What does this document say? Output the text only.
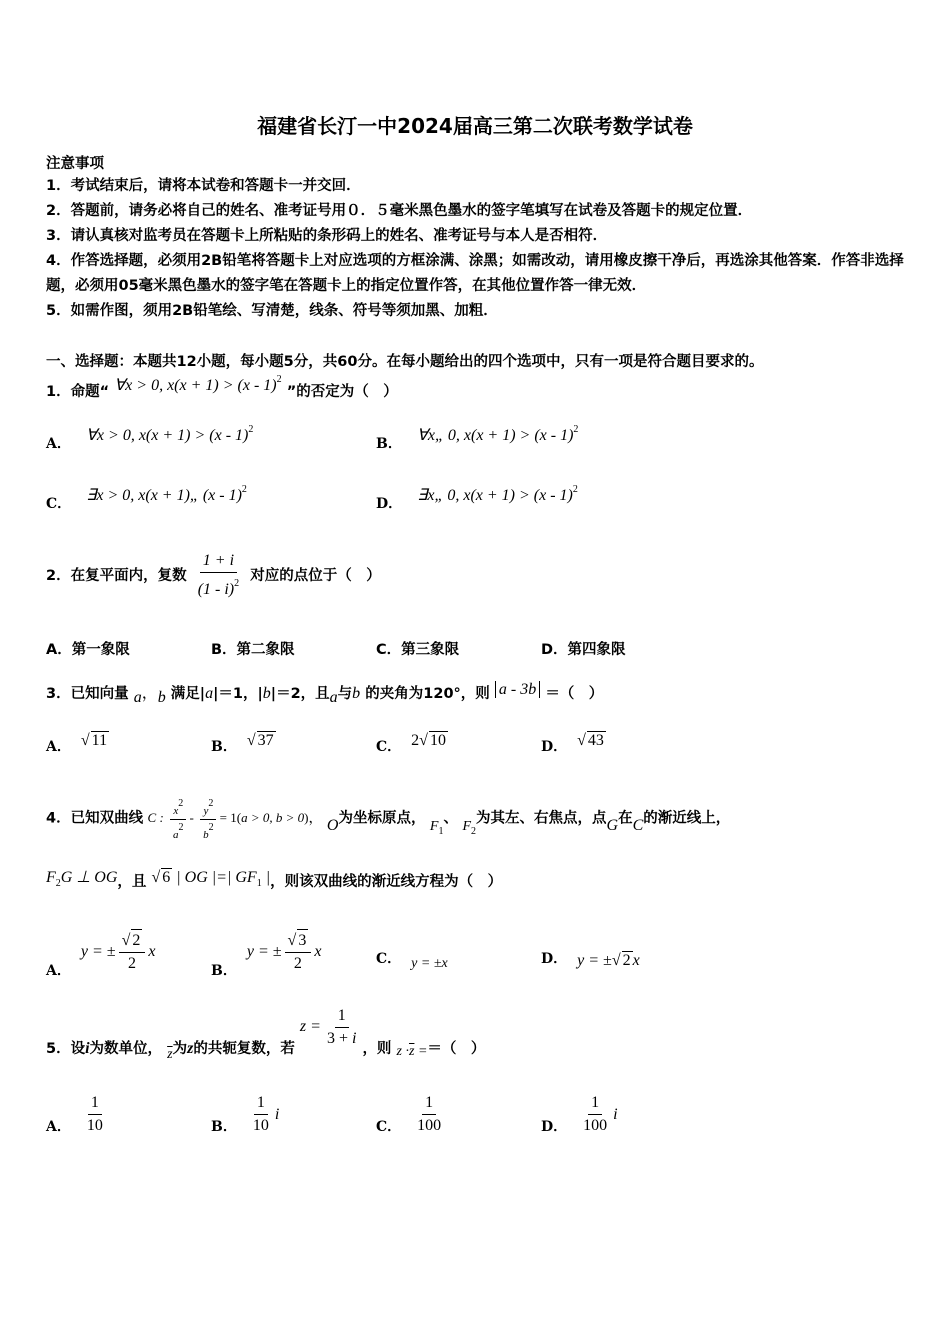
福建省长汀一中2024届高三第二次联考数学试卷
注意事项
1．考试结束后，请将本试卷和答题卡一并交回．
2．答题前，请务必将自己的姓名、准考证号用０．５毫米黑色墨水的签字笔填写在试卷及答题卡的规定位置．
3．请认真核对监考员在答题卡上所粘贴的条形码上的姓名、准考证号与本人是否相符．
4．作答选择题，必须用2B铅笔将答题卡上对应选项的方框涂满、涂黑；如需改动，请用橡皮擦干净后，再选涂其他答案．作答非选择题，必须用05毫米黑色墨水的签字笔在答题卡上的指定位置作答，在其他位置作答一律无效．
5．如需作图，须用2B铅笔绘、写清楚，线条、符号等须加黑、加粗．
一、选择题：本题共12小题，每小题5分，共60分。在每小题给出的四个选项中，只有一项是符合题目要求的。
1．命题“ ∀x > 0, x(x + 1) > (x - 1)$^2$ ”的否定为（　）
A． ∀x > 0, x(x + 1) > (x - 1)$^2$
B． ∀x„ 0, x(x + 1) > (x - 1)$^2$
C． ∃x > 0, x(x + 1)„ (x - 1)$^2$
D． ∃x„ 0, x(x + 1) > (x - 1)$^2$
2．在复平面内，复数 $\frac{1 + i}{(1 - i)^2}$ 对应的点位于（　）
A．第一象限	B．第二象限	C．第三象限	D．第四象限
3．已知向量 a，b 满足|a|＝1，|b|＝2，且a与b 的夹角为120°，则 a - 3b ＝（　）
A． √ 11	B． √ 37	C． 2√ 10	D． √ 43
4．已知双曲线 C : $\frac{x2}{a2} - \frac{y2}{b2} = 1(a > 0$, b > 0)， O为坐标原点， $F_1$、 $F_2$为其左、右焦点，点G在C的渐近线上，
$F_2G$ ⊥ OG，且 √ 6 | OG |=| $GF_1$ |，则该双曲线的渐近线方程为（　）
A．y = ± $\frac{√ 2}{2}$ x
B．y = ± $\frac{√ 3}{2}$ x	C． y = ±x	D． y = ±√ 2 x
5．设i为数单位， $\overline{z}$为z的共轭复数，若 $z = \frac{1}{3 + i}$ ，则 $z \cdot\overline{z}$ =＝（　）
A． $\frac{1}{10}$	B． $\frac{1}{10}$ i
C． $\frac{1}{100}$	D． $\frac{1}{100}$ i
